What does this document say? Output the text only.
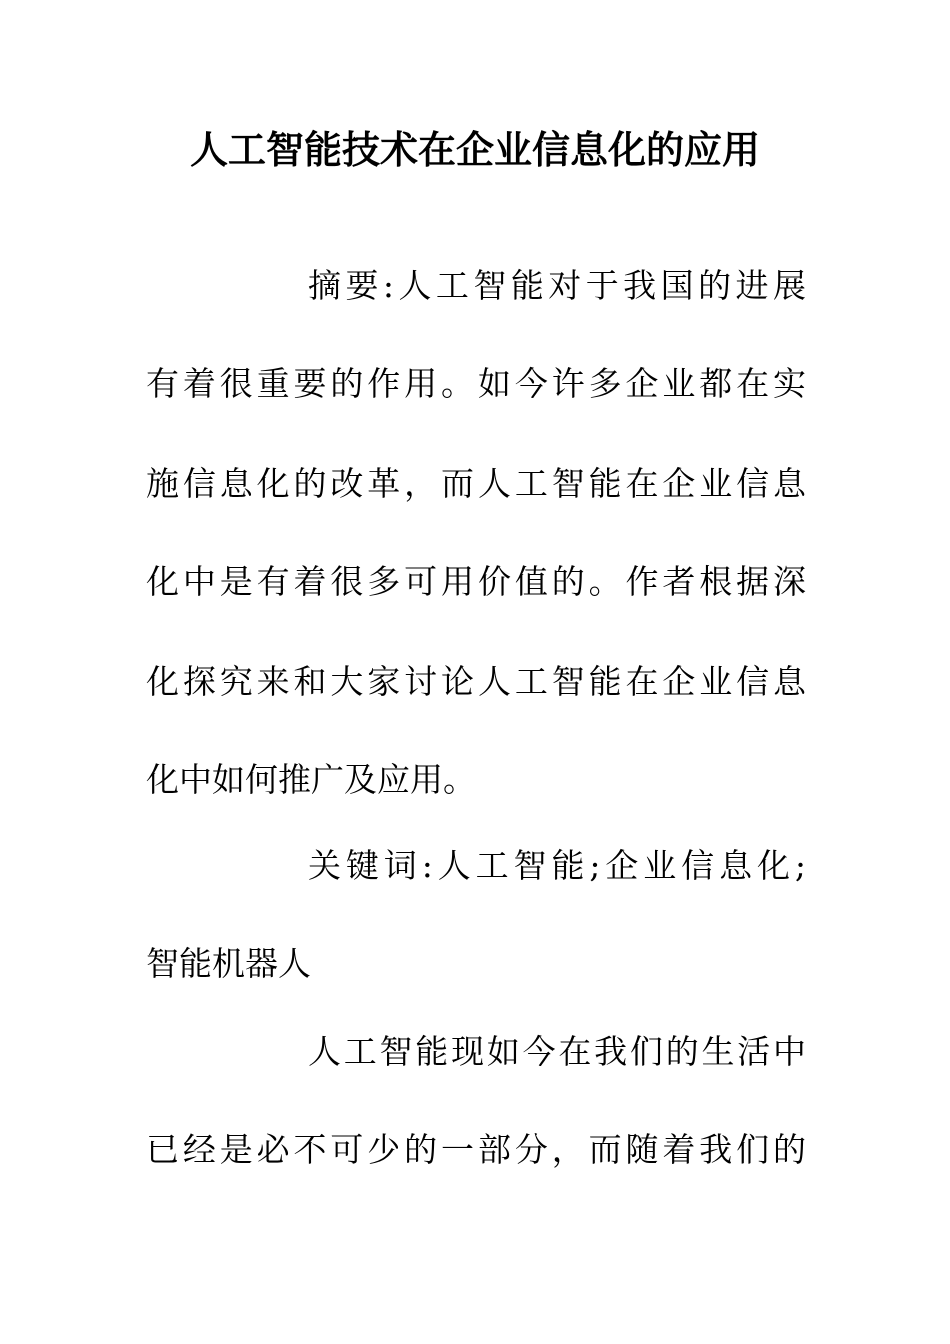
人工智能技术在企业信息化的应用

摘要:人工智能对于我国的进展

有着很重要的作用。如今许多企业都在实

施信息化的改革，而人工智能在企业信息

化中是有着很多可用价值的。作者根据深

化探究来和大家讨论人工智能在企业信息

化中如何推广及应用。

关键词:人工智能;企业信息化;

智能机器人

人工智能现如今在我们的生活中

已经是必不可少的一部分，而随着我们的
